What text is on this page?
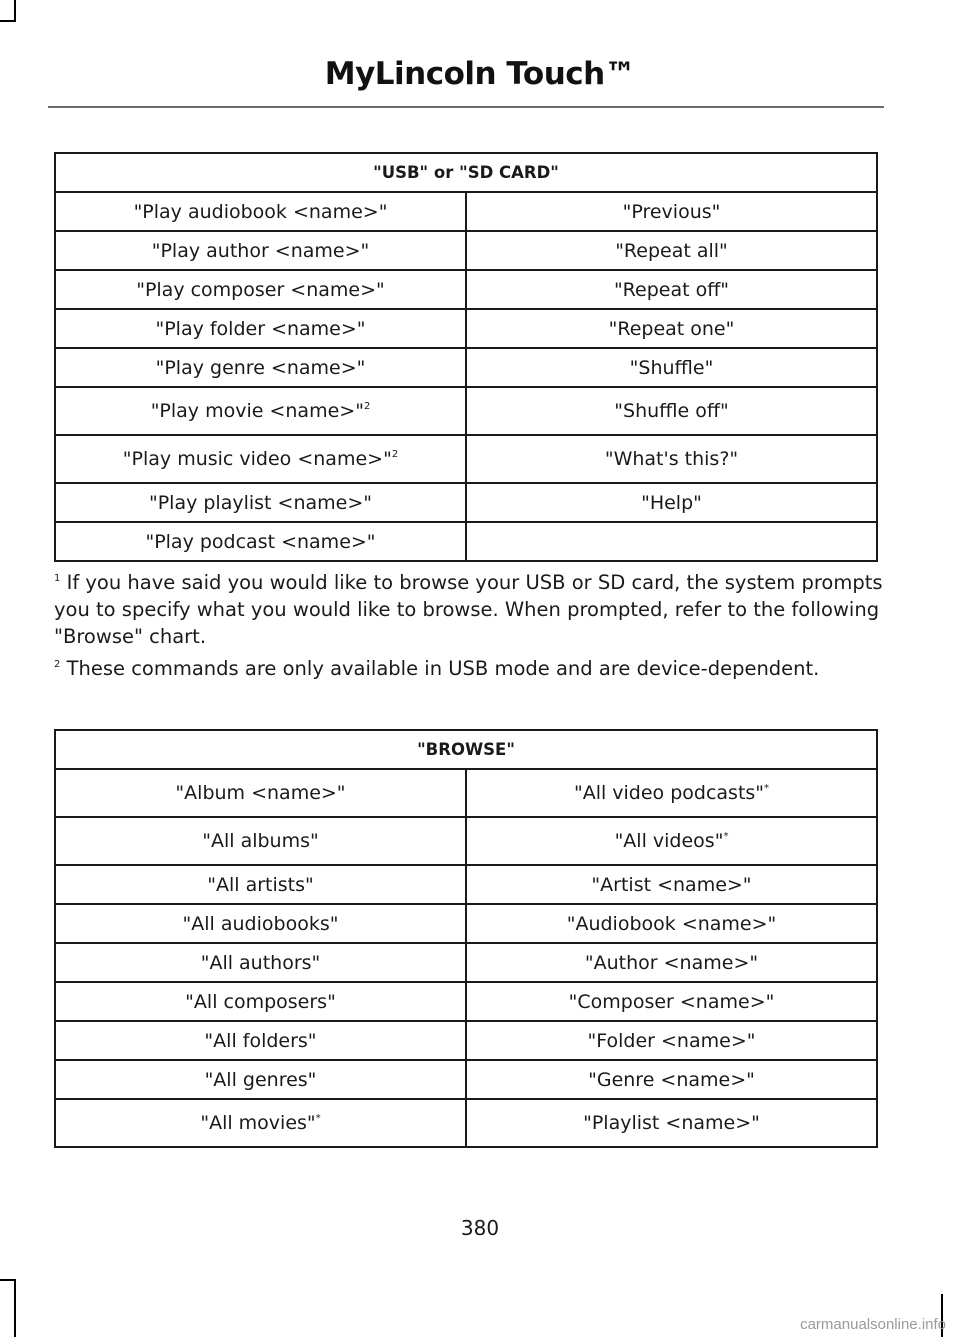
MyLincoln Touch™
"USB" or "SD CARD"	
"Play audiobook <name>"	"Previous"
"Play author <name>"	"Repeat all"
"Play composer <name>"	"Repeat off"
"Play folder <name>"	"Repeat one"
"Play genre <name>"	"Shuffle"
"Play movie <name>"$^2$	"Shuffle off"
"Play music video <name>"$^2$	"What's this?"
"Play playlist <name>"	"Help"
"Play podcast <name>"	
$^1$ If you have said you would like to browse your USB or SD card, the system prompts you to specify what you would like to browse. When prompted, refer to the following "Browse" chart.
$^2$ These commands are only available in USB mode and are device-dependent.
"BROWSE"	
"Album <name>"	"All video podcasts"*
"All albums"	"All videos"*
"All artists"	"Artist <name>"
"All audiobooks"	"Audiobook <name>"
"All authors"	"Author <name>"
"All composers"	"Composer <name>"
"All folders"	"Folder <name>"
"All genres"	"Genre <name>"
"All movies"*	"Playlist <name>"
380
carmanualsonline.info
